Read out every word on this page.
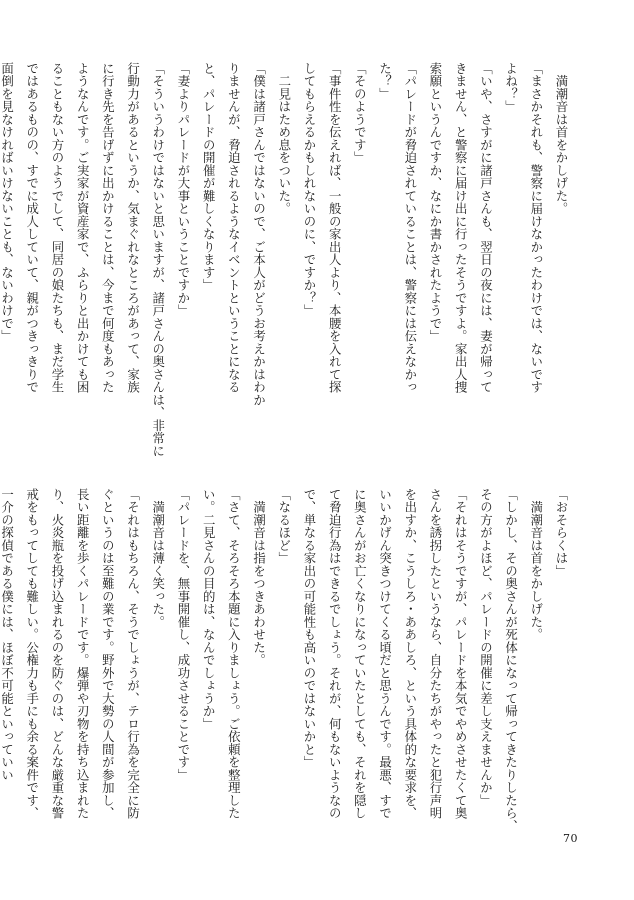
　満潮音は首をかしげた。
「まさかそれも、警察に届けなかったわけでは、ないです
よね？」
「いや、さすがに諸戸さんも、翌日の夜には、妻が帰って
きません、と警察に届け出に行ったそうですよ。家出人捜
索願というんですか、なにか書かされたようで」
「パレードが脅迫されていることは、警察には伝えなかっ
た？」
「そのようです」
「事件性を伝えれば、一般の家出人より、本腰を入れて探
してもらえるかもしれないのに、ですか？」
　二見はため息をついた。
「僕は諸戸さんではないので、ご本人がどうお考えかはわか
りませんが、脅迫されるようなイベントということになる
と、パレードの開催が難しくなります」
「妻よりパレードが大事ということですか」
「そういうわけではないと思いますが、諸戸さんの奥さんは、非常に
行動力があるというか、気まぐれなところがあって、家族
に行き先を告げずに出かけることは、今まで何度もあった
ようなんです。ご実家が資産家で、ふらりと出かけても困
ることもない方のようでして、同居の娘たちも、まだ学生
ではあるものの、すでに成人していて、親がつきっきりで
面倒を見なければいけないことも、ないわけで」
「おそらくは」
　満潮音は首をかしげた。
「しかし、その奥さんが死体になって帰ってきたりしたら、
その方がよほど、パレードの開催に差し支えませんか」
「それはそうですが、パレードを本気でやめさせたくて奥
さんを誘拐したというなら、自分たちがやったと犯行声明
を出すか、こうしろ・ああしろ、という具体的な要求を、
いいかげん突きつけてくる頃だと思うんです。最悪、すで
に奥さんがお亡くなりになっていたとしても、それを隠し
て脅迫行為はできるでしょう。それが、何もないようなの
で、単なる家出の可能性も高いのではないかと」
「なるほど」
　満潮音は指をつきあわせた。
「さて、そろそろ本題に入りましょう。ご依頼を整理した
い。二見さんの目的は、なんでしょうか」
「パレードを、無事開催し、成功させることです」
　満潮音は薄く笑った。
「それはもちろん、そうでしょうが、テロ行為を完全に防
ぐというのは至難の業です。野外で大勢の人間が参加し、
長い距離を歩くパレードです。爆弾や刃物を持ち込まれた
り、火炎瓶を投げ込まれるのを防ぐのは、どんな厳重な警
戒をもってしても難しい。公権力も手にも余る案件です、
一介の探偵である僕には、ほぼ不可能といっていい
70
